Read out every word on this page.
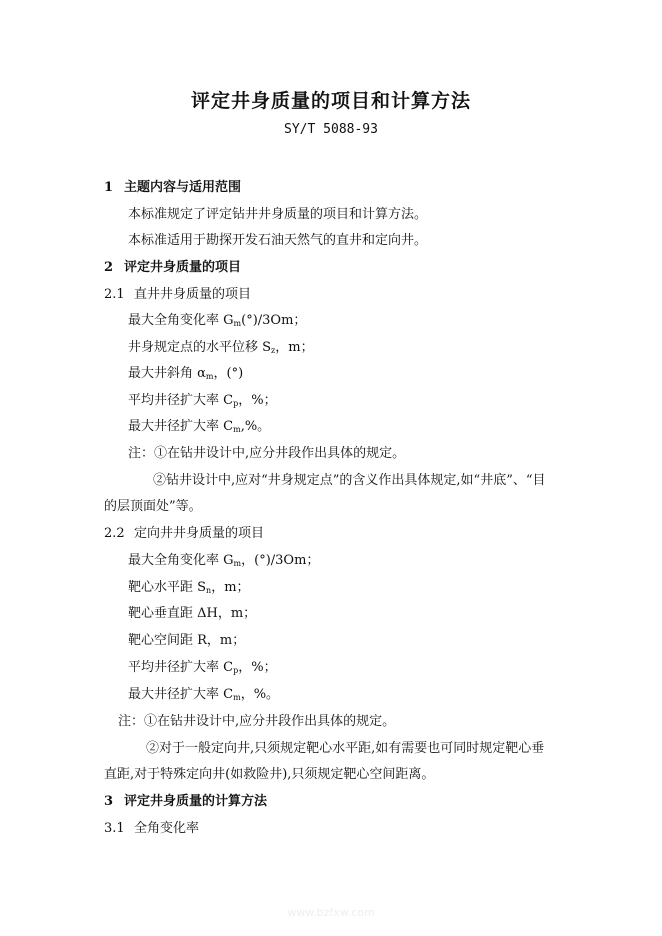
评定井身质量的项目和计算方法
SY/T 5088-93
1 主题内容与适用范围
本标准规定了评定钻井井身质量的项目和计算方法。
本标准适用于勘探开发石油天然气的直井和定向井。
2 评定井身质量的项目
2.1 直井井身质量的项目
最大全角变化率 $G_m(^\circ)/3Om$；
井身规定点的水平位移 $S_z$，m；
最大井斜角 $\alpha_m$，(°)
平均井径扩大率 $C_p$，%；
最大井径扩大率 $C_m,\%$。
注：①在钻井设计中,应分井段作出具体的规定。
②钻井设计中,应对“井身规定点”的含义作出具体规定,如“井底”、“目
的层顶面处”等。
2.2 定向井井身质量的项目
最大全角变化率 $G_m$，(°)/3Om；
靶心水平距 $S_n$，m；
靶心垂直距 ΔH，m；
靶心空间距 R，m；
平均井径扩大率 $C_p$，%；
最大井径扩大率 $C_m$，%。
注：①在钻井设计中,应分井段作出具体的规定。
②对于一般定向井,只须规定靶心水平距,如有需要也可同时规定靶心垂
直距,对于特殊定向井(如救险井),只须规定靶心空间距离。
3 评定井身质量的计算方法
3.1 全角变化率
www.bzfxw.com
